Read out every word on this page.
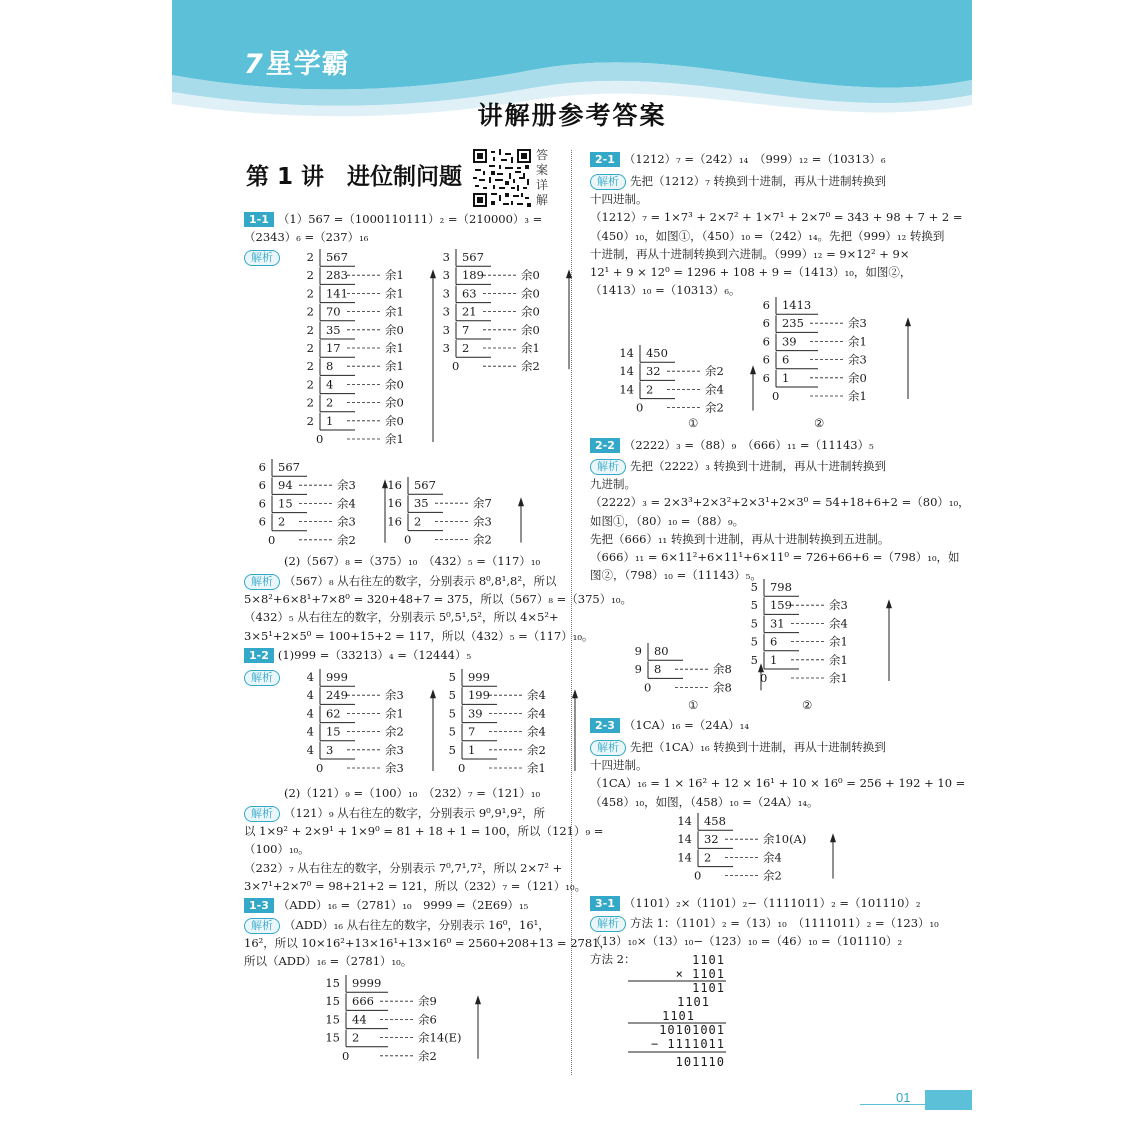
7星学霸
讲解册参考答案
第 1 讲　进位制问题
答案详解
1-1 （1）567 =（1000110111）₂ =（210000）₃ =
（2343）₆ =（237）₁₆
解析	2 567
2 283	余1
2 141	余1
2 70	余1
2 35	余0
2 17	余1
2 8	余1
2 4	余0
2 2	余0
2 1	余0
0	余1
3 567
3 189	余0
3 63	余0
3 21	余0
3 7	余0
3 2	余1
0	余2
6 567
6 94	余3
6 15	余4
6 2	余3
0	余2
16 567
16 35	余7
16 2	余3
0	余2
(2)（567）₈ =（375）₁₀　（432）₅ =（117）₁₀
解析 （567）₈ 从右往左的数字，分别表示 8⁰,8¹,8²，所以
5×8²+6×8¹+7×8⁰ = 320+48+7 = 375，所以（567）₈ =（375）₁₀。
（432）₅ 从右往左的数字，分别表示 5⁰,5¹,5²，所以 4×5²+
3×5¹+2×5⁰ = 100+15+2 = 117，所以（432）₅ =（117）₁₀。
1-2 (1)999 =（33213）₄ =（12444）₅
解析	4 999
4 249	余3
4 62	余1
4 15	余2
4 3	余3
0	余3
5 999
5 199	余4
5 39	余4
5 7	余4
5 1	余2
0	余1
(2)（121）₉ =（100）₁₀　（232）₇ =（121）₁₀
解析 （121）₉ 从右往左的数字，分别表示 9⁰,9¹,9²，所
以 1×9² + 2×9¹ + 1×9⁰ = 81 + 18 + 1 = 100，所以（121）₉ =
（100）₁₀。
（232）₇ 从右往左的数字，分别表示 7⁰,7¹,7²，所以 2×7² +
3×7¹+2×7⁰ = 98+21+2 = 121，所以（232）₇ =（121）₁₀。
1-3 （ADD）₁₆ =（2781）₁₀　9999 =（2E69）₁₅
解析 （ADD）₁₆ 从右往左的数字，分别表示 16⁰，16¹，
16²，所以 10×16²+13×16¹+13×16⁰ = 2560+208+13 = 2781，
所以（ADD）₁₆ =（2781）₁₀。
15 9999
15 666	余9
15 44	余6
15 2	余14(E)
0	余2
2-1 （1212）₇ =（242）₁₄　（999）₁₂ =（10313）₆
解析 先把（1212）₇ 转换到十进制，再从十进制转换到
十四进制。
（1212）₇ = 1×7³ + 2×7² + 1×7¹ + 2×7⁰ = 343 + 98 + 7 + 2 =
（450）₁₀，如图①，（450）₁₀ =（242）₁₄。先把（999）₁₂ 转换到
十进制，再从十进制转换到六进制。（999）₁₂ = 9×12² + 9×
12¹ + 9 × 12⁰ = 1296 + 108 + 9 =（1413）₁₀，如图②，
（1413）₁₀ =（10313）₆。
14 450
14 32	余2
14 2	余4
0	余2
6 1413
6 235	余3
6 39	余1
6 6	余3
6 1	余0
0	余1
①	②
2-2 （2222）₃ =（88）₉　（666）₁₁ =（11143）₅
解析 先把（2222）₃ 转换到十进制，再从十进制转换到
九进制。
（2222）₃ = 2×3³+2×3²+2×3¹+2×3⁰ = 54+18+6+2 =（80）₁₀，
如图①，（80）₁₀ =（88）₉。
先把（666）₁₁ 转换到十进制，再从十进制转换到五进制。
（666）₁₁ = 6×11²+6×11¹+6×11⁰ = 726+66+6 =（798）₁₀，如
图②，（798）₁₀ =（11143）₅。
9 80
9 8	余8
0	余8
5 798
5 159	余3
5 31	余4
5 6	余1
5 1	余1
0	余1
①	②
2-3 （1CA）₁₆ =（24A）₁₄
解析 先把（1CA）₁₆ 转换到十进制，再从十进制转换到
十四进制。
（1CA）₁₆ = 1 × 16² + 12 × 16¹ + 10 × 16⁰ = 256 + 192 + 10 =
（458）₁₀，如图，（458）₁₀ =（24A）₁₄。
14 458
14 32	余10(A)
14 2	余4
0	余2
3-1 （1101）₂×（1101）₂−（1111011）₂ =（101110）₂
解析 方法 1：（1101）₂ =（13）₁₀　（1111011）₂ =（123）₁₀
（13）₁₀×（13）₁₀−（123）₁₀ =（46）₁₀ =（101110）₂
方法 2：	1101
× 1101
1101
1101
1101
10101001
− 1111011
101110
01
